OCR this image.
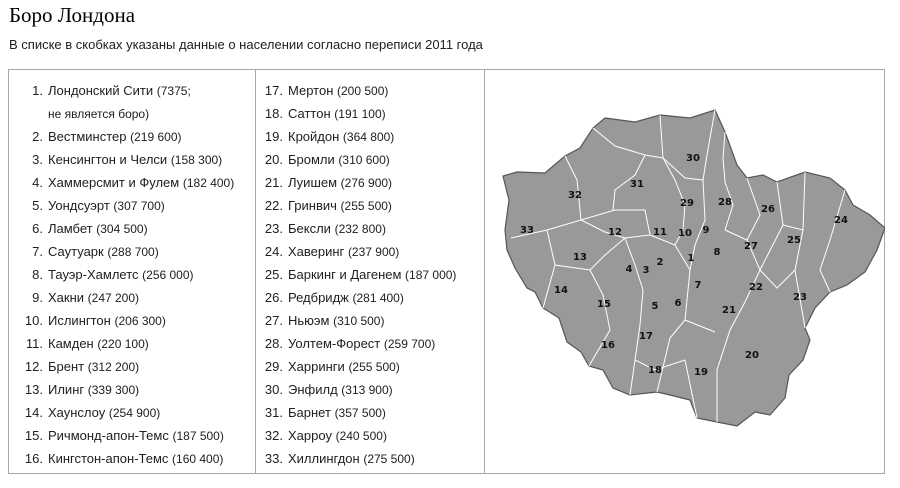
Боро Лондона
В списке в скобках указаны данные о населении согласно переписи 2011 года
1. Лондонский Сити (7375;
не является боро)
2. Вестминстер (219 600)
3. Кенсингтон и Челси (158 300)
4. Хаммерсмит и Фулем (182 400)
5. Уондсуэрт (307 700)
6. Ламбет (304 500)
7. Саутуарк (288 700)
8. Тауэр-Хамлетс (256 000)
9. Хакни (247 200)
10. Ислингтон (206 300)
11. Камден (220 100)
12. Брент (312 200)
13. Илинг (339 300)
14. Хаунслоу (254 900)
15. Ричмонд-апон-Темс (187 500)
16. Кингстон-апон-Темс (160 400)
17. Мертон (200 500)
18. Саттон (191 100)
19. Кройдон (364 800)
20. Бромли (310 600)
21. Луишем (276 900)
22. Гринвич (255 500)
23. Бексли (232 800)
24. Хаверинг (237 900)
25. Баркинг и Дагенем (187 000)
26. Редбридж (281 400)
27. Ньюэм (310 500)
28. Уолтем-Форест (259 700)
29. Харринги (255 500)
30. Энфилд (313 900)
31. Барнет (357 500)
32. Харроу (240 500)
33. Хиллингдон (275 500)
1
2
3
4
5 6
7
8
9
10
11
12
13
14
15
16
17
18	19
20
21
22
23
24
25
26
27
28
29
30
31
32
33
